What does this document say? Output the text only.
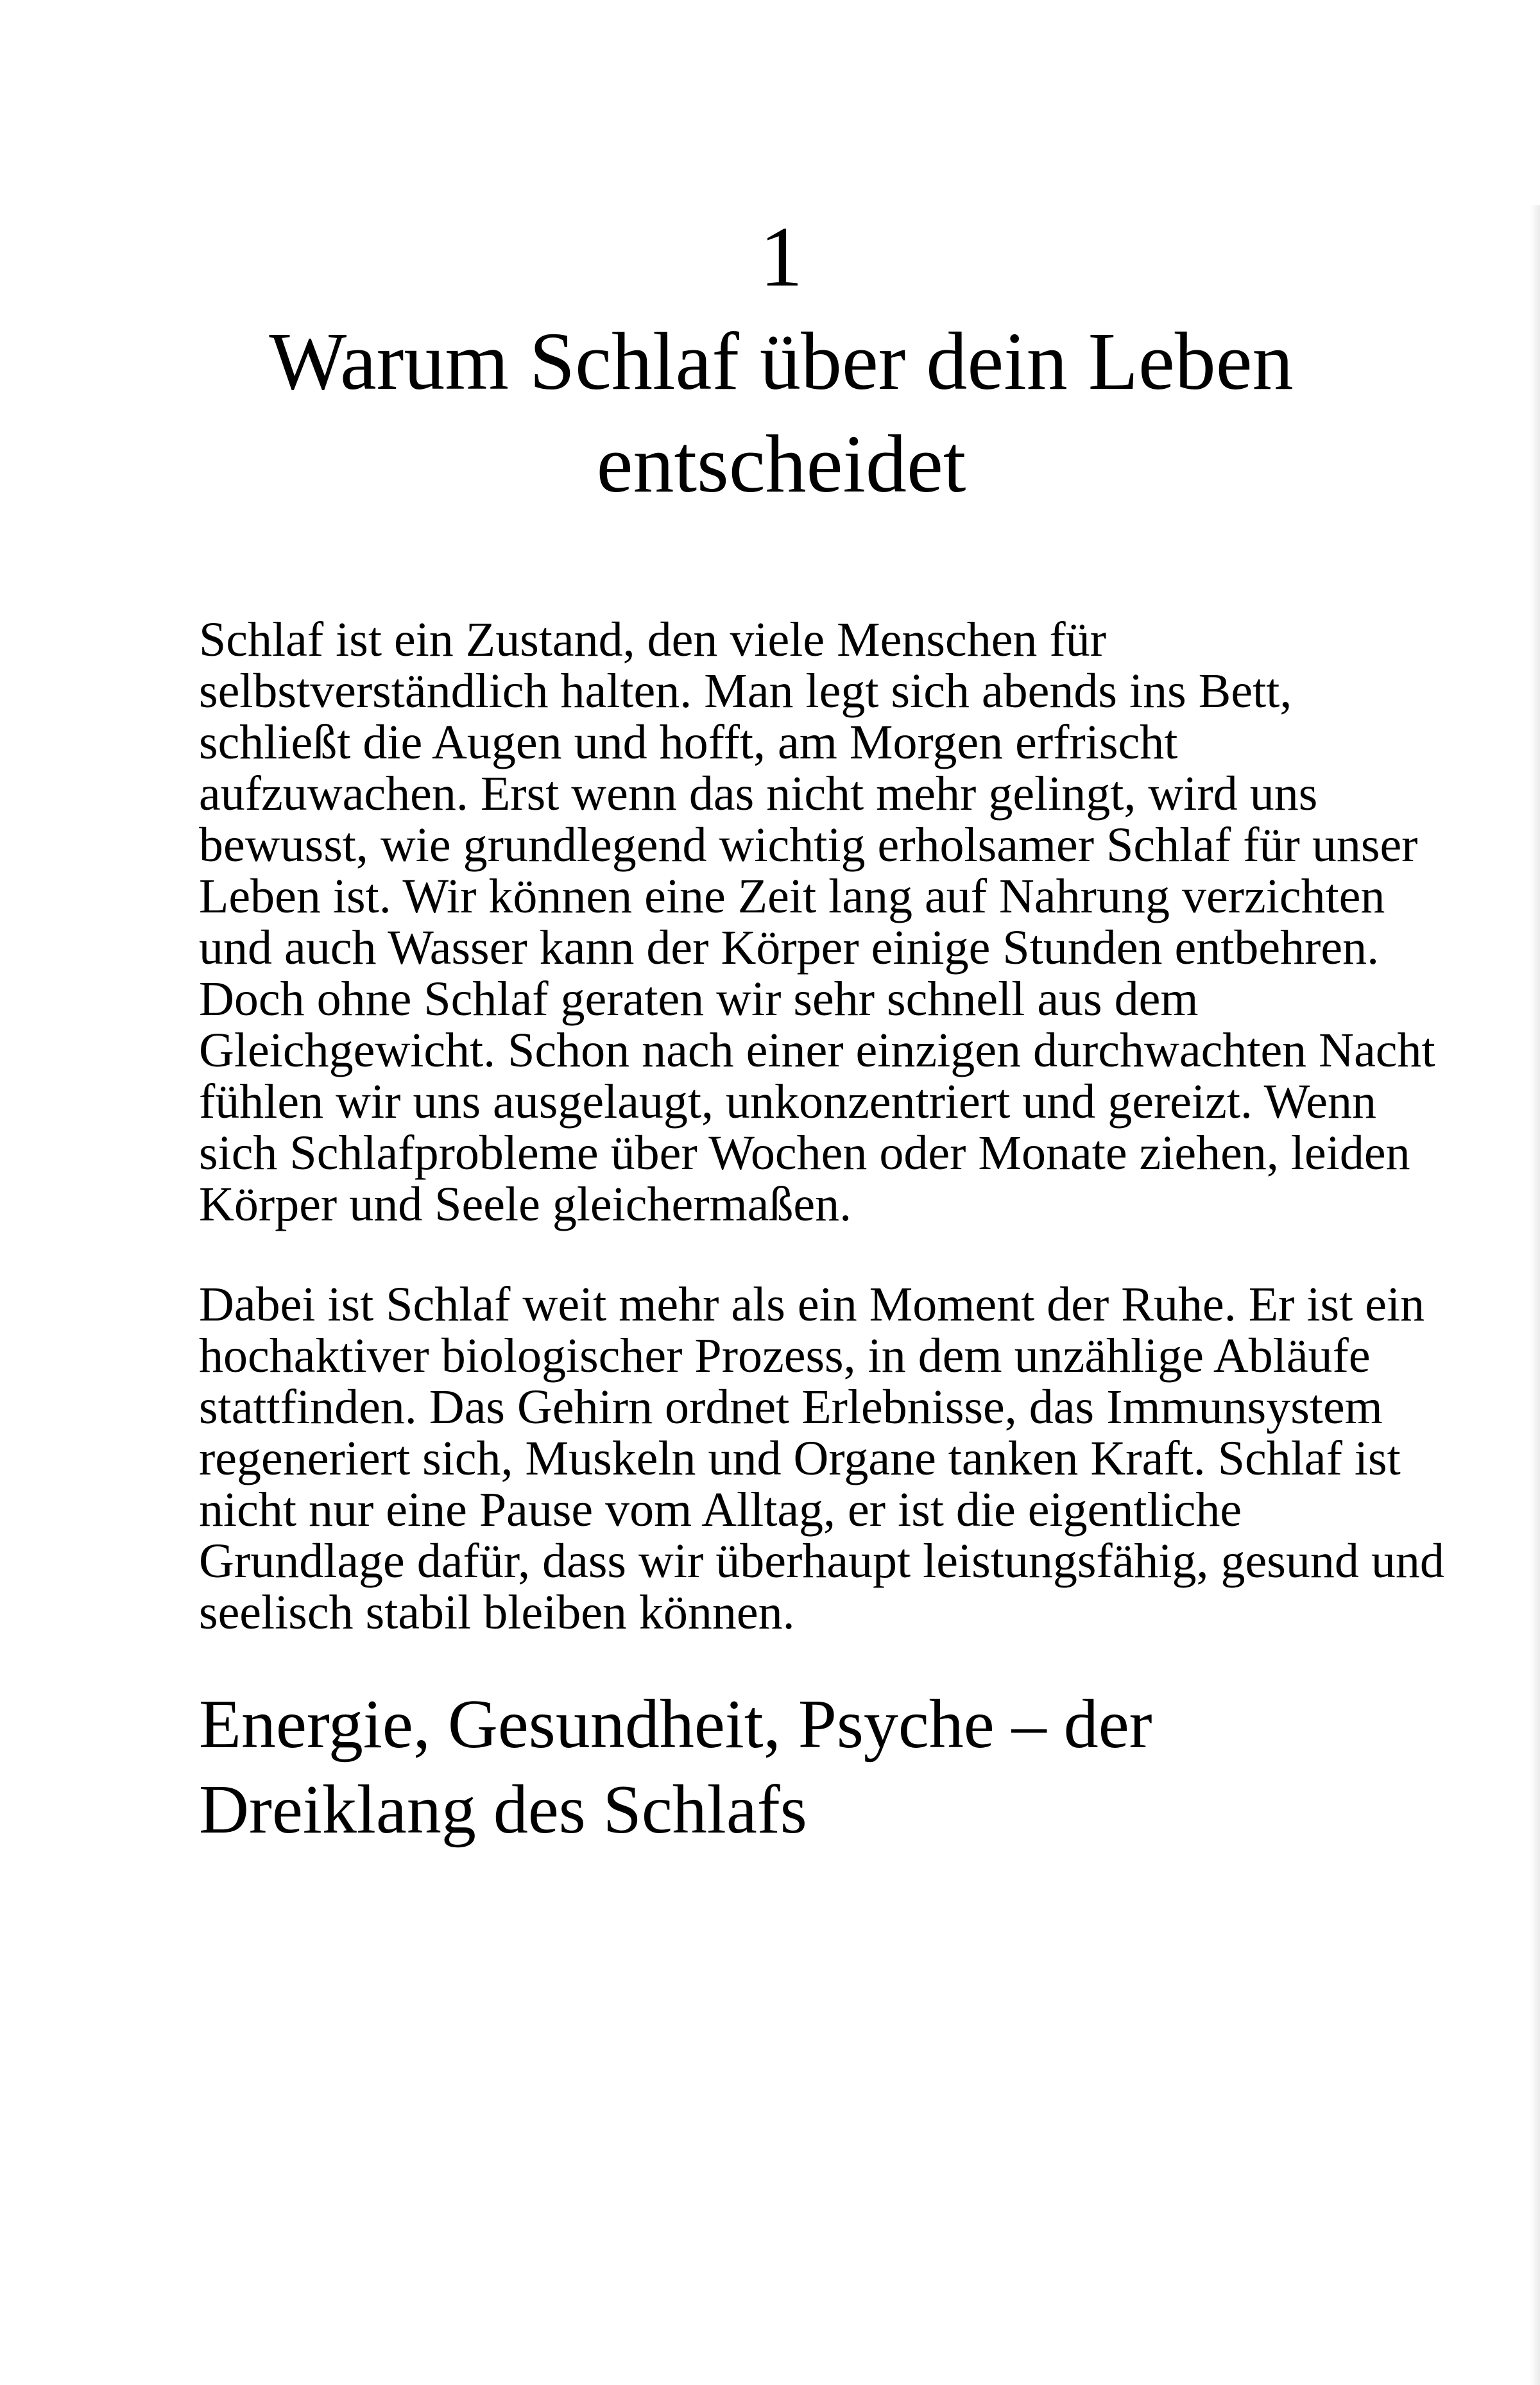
1
Warum Schlaf über dein Leben
entscheidet

Schlaf ist ein Zustand, den viele Menschen für
selbstverständlich halten. Man legt sich abends ins Bett,
schließt die Augen und hofft, am Morgen erfrischt
aufzuwachen. Erst wenn das nicht mehr gelingt, wird uns
bewusst, wie grundlegend wichtig erholsamer Schlaf für unser
Leben ist. Wir können eine Zeit lang auf Nahrung verzichten
und auch Wasser kann der Körper einige Stunden entbehren.
Doch ohne Schlaf geraten wir sehr schnell aus dem
Gleichgewicht. Schon nach einer einzigen durchwachten Nacht
fühlen wir uns ausgelaugt, unkonzentriert und gereizt. Wenn
sich Schlafprobleme über Wochen oder Monate ziehen, leiden
Körper und Seele gleichermaßen.

Dabei ist Schlaf weit mehr als ein Moment der Ruhe. Er ist ein
hochaktiver biologischer Prozess, in dem unzählige Abläufe
stattfinden. Das Gehirn ordnet Erlebnisse, das Immunsystem
regeneriert sich, Muskeln und Organe tanken Kraft. Schlaf ist
nicht nur eine Pause vom Alltag, er ist die eigentliche
Grundlage dafür, dass wir überhaupt leistungsfähig, gesund und
seelisch stabil bleiben können.

Energie, Gesundheit, Psyche – der
Dreiklang des Schlafs
